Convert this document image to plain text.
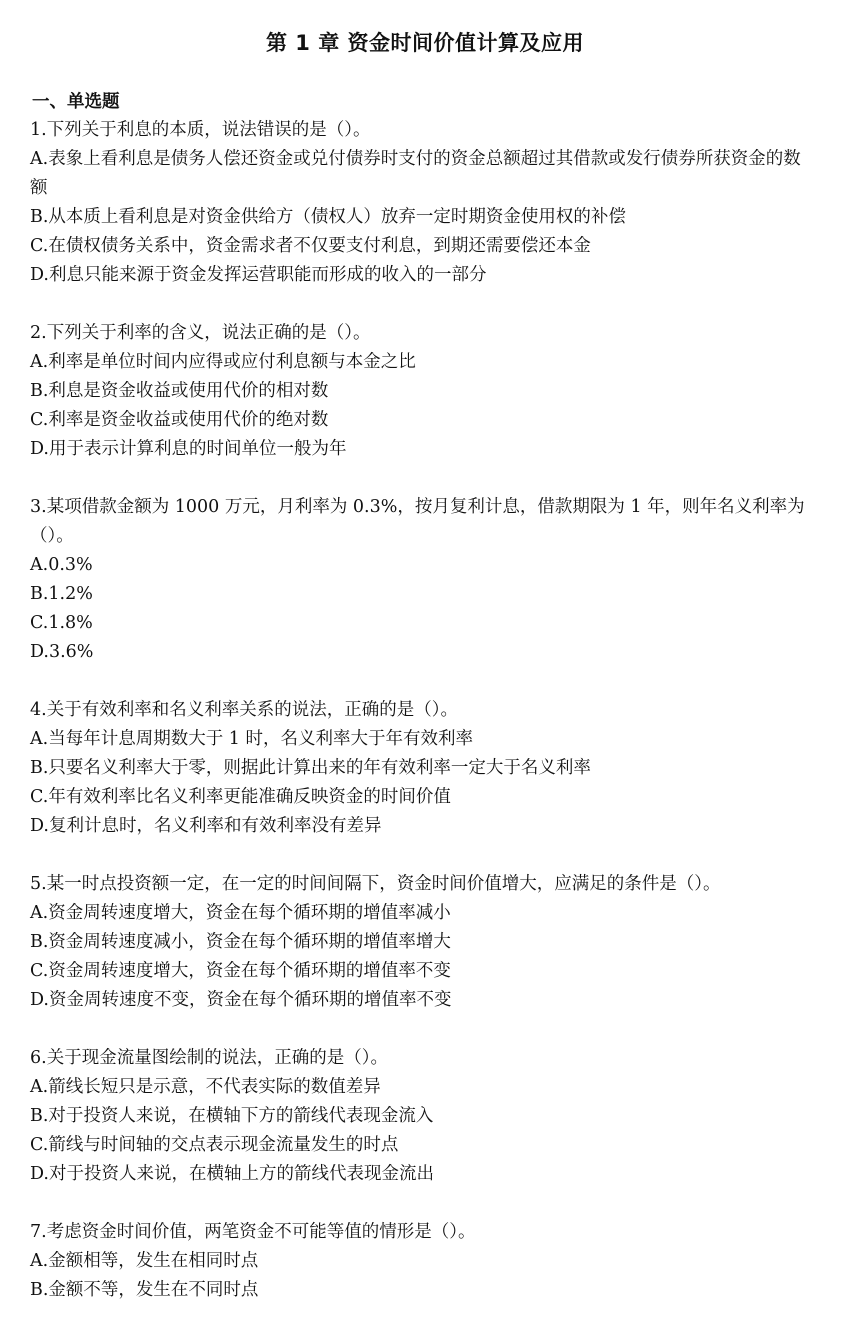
第 1 章 资金时间价值计算及应用
一、单选题
1.下列关于利息的本质，说法错误的是（）。
A.表象上看利息是债务人偿还资金或兑付债券时支付的资金总额超过其借款或发行债券所获资金的数额
B.从本质上看利息是对资金供给方（债权人）放弃一定时期资金使用权的补偿
C.在债权债务关系中，资金需求者不仅要支付利息，到期还需要偿还本金
D.利息只能来源于资金发挥运营职能而形成的收入的一部分
2.下列关于利率的含义，说法正确的是（）。
A.利率是单位时间内应得或应付利息额与本金之比
B.利息是资金收益或使用代价的相对数
C.利率是资金收益或使用代价的绝对数
D.用于表示计算利息的时间单位一般为年
3.某项借款金额为 1000 万元，月利率为 0.3%，按月复利计息，借款期限为 1 年，则年名义利率为（）。
A.0.3%
B.1.2%
C.1.8%
D.3.6%
4.关于有效利率和名义利率关系的说法，正确的是（）。
A.当每年计息周期数大于 1 时，名义利率大于年有效利率
B.只要名义利率大于零，则据此计算出来的年有效利率一定大于名义利率
C.年有效利率比名义利率更能准确反映资金的时间价值
D.复利计息时，名义利率和有效利率没有差异
5.某一时点投资额一定，在一定的时间间隔下，资金时间价值增大，应满足的条件是（）。
A.资金周转速度增大，资金在每个循环期的增值率减小
B.资金周转速度减小，资金在每个循环期的增值率增大
C.资金周转速度增大，资金在每个循环期的增值率不变
D.资金周转速度不变，资金在每个循环期的增值率不变
6.关于现金流量图绘制的说法，正确的是（）。
A.箭线长短只是示意，不代表实际的数值差异
B.对于投资人来说，在横轴下方的箭线代表现金流入
C.箭线与时间轴的交点表示现金流量发生的时点
D.对于投资人来说，在横轴上方的箭线代表现金流出
7.考虑资金时间价值，两笔资金不可能等值的情形是（）。
A.金额相等，发生在相同时点
B.金额不等，发生在不同时点
